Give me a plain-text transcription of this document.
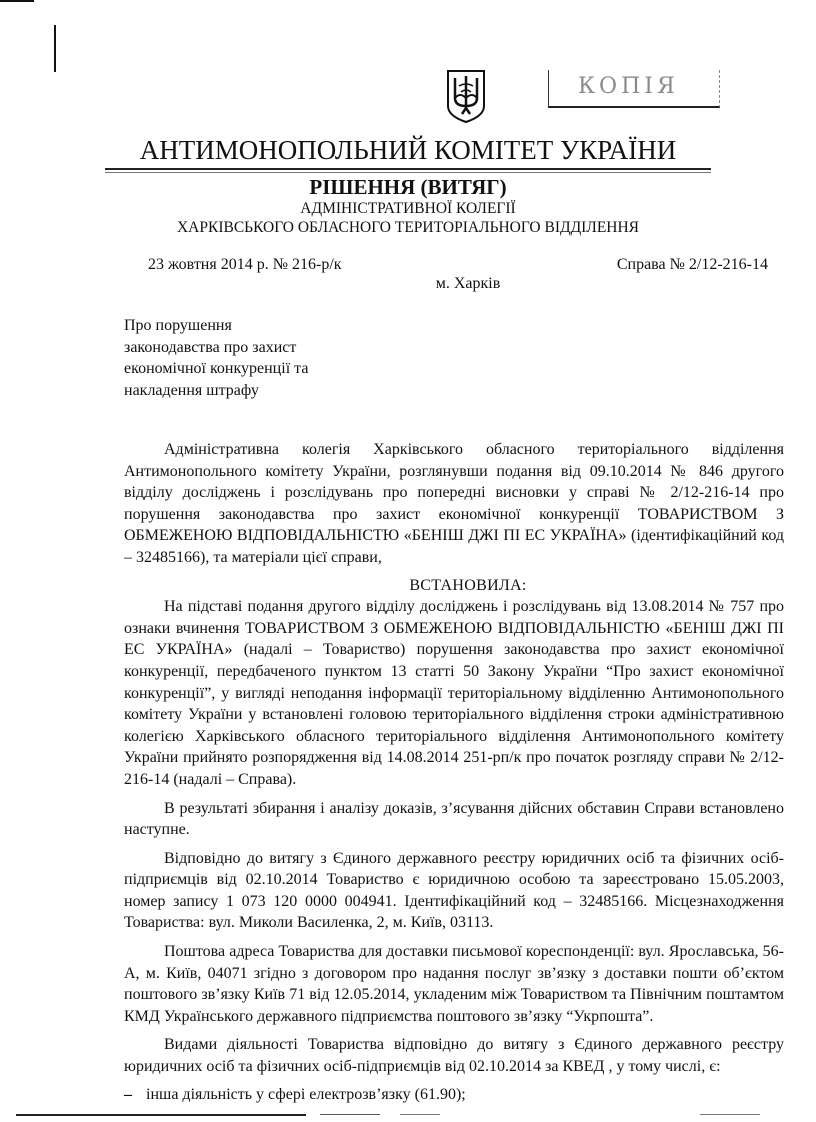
КОПІЯ
АНТИМОНОПОЛЬНИЙ КОМІТЕТ УКРАЇНИ
РІШЕННЯ (ВИТЯГ)
АДМІНІСТРАТИВНОЇ КОЛЕГІЇ
ХАРКІВСЬКОГО ОБЛАСНОГО ТЕРИТОРІАЛЬНОГО ВІДДІЛЕННЯ
23 жовтня 2014 р. № 216-р/к	Справа № 2/12-216-14
м. Харків
Про порушення
законодавства про захист
економічної конкуренції та
накладення штрафу

Адміністративна колегія Харківського обласного територіального відділення Антимонопольного комітету України, розглянувши подання від 09.10.2014 № 846 другого відділу досліджень і розслідувань про попередні висновки у справі № 2/12-216-14 про порушення законодавства про захист економічної конкуренції ТОВАРИСТВОМ З ОБМЕЖЕНОЮ ВІДПОВІДАЛЬНІСТЮ «БЕНІШ ДЖІ ПІ ЕС УКРАЇНА» (ідентифікаційний код – 32485166), та матеріали цієї справи,

ВСТАНОВИЛА:

На підставі подання другого відділу досліджень і розслідувань від 13.08.2014 № 757 про ознаки вчинення ТОВАРИСТВОМ З ОБМЕЖЕНОЮ ВІДПОВІДАЛЬНІСТЮ «БЕНІШ ДЖІ ПІ ЕС УКРАЇНА» (надалі – Товариство) порушення законодавства про захист економічної конкуренції, передбаченого пунктом 13 статті 50 Закону України “Про захист економічної конкуренції”, у вигляді неподання інформації територіальному відділенню Антимонопольного комітету України у встановлені головою територіального відділення строки адміністративною колегією Харківського обласного територіального відділення Антимонопольного комітету України прийнято розпорядження від 14.08.2014 251-рп/к про початок розгляду справи № 2/12-216-14 (надалі – Справа).

В результаті збирання і аналізу доказів, з’ясування дійсних обставин Справи встановлено наступне.

Відповідно до витягу з Єдиного державного реєстру юридичних осіб та фізичних осіб-підприємців від 02.10.2014 Товариство є юридичною особою та зареєстровано 15.05.2003, номер запису 1 073 120 0000 004941. Ідентифікаційний код – 32485166. Місцезнаходження Товариства: вул. Миколи Василенка, 2, м. Київ, 03113.

Поштова адреса Товариства для доставки письмової кореспонденції: вул. Ярославська, 56-А, м. Київ, 04071 згідно з договором про надання послуг зв’язку з доставки пошти об’єктом поштового зв’язку Київ 71 від 12.05.2014, укладеним між Товариством та Північним поштамтом КМД Українського державного підприємства поштового зв’язку “Укрпошта”.

Видами діяльності Товариства відповідно до витягу з Єдиного державного реєстру юридичних осіб та фізичних осіб-підприємців від 02.10.2014 за КВЕД , у тому числі, є:

– інша діяльність у сфері електрозв’язку (61.90);
